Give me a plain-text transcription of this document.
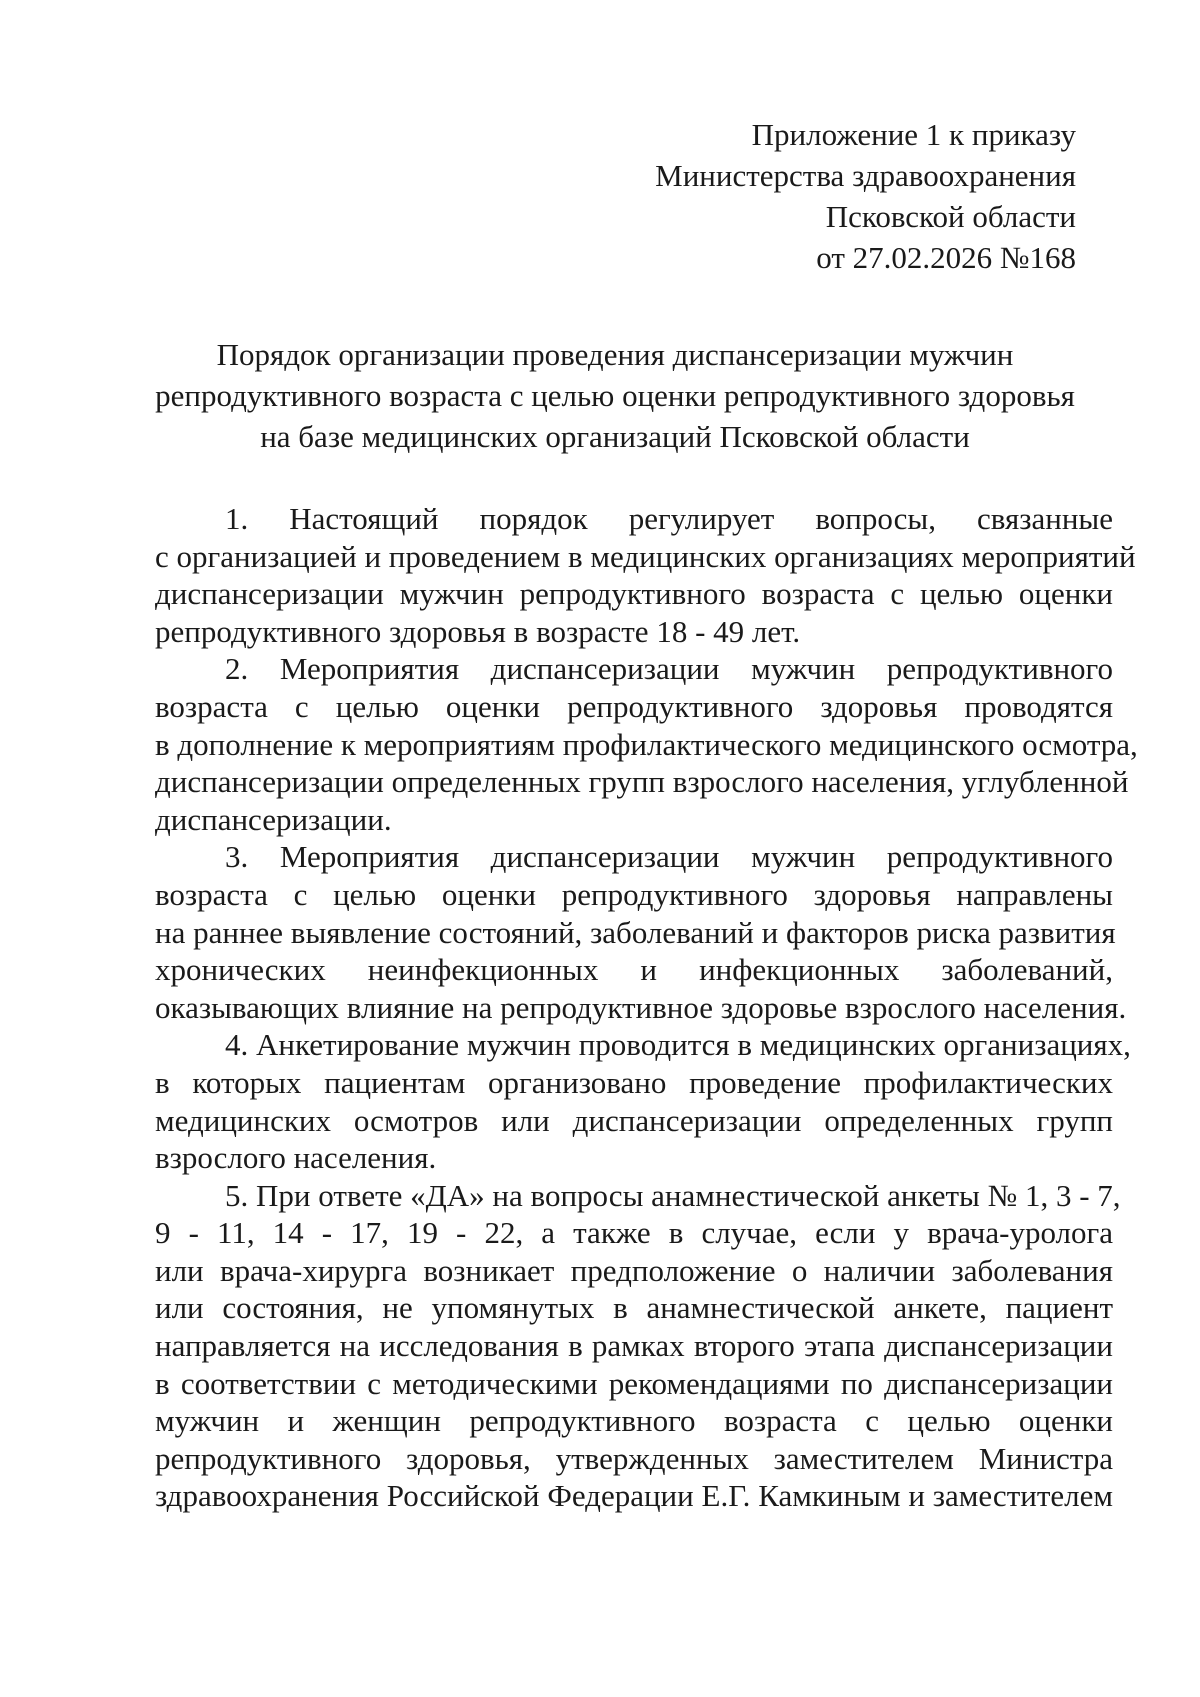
Приложение 1 к приказу
Министерства здравоохранения
Псковской области
от 27.02.2026 №168
Порядок организации проведения диспансеризации мужчин
репродуктивного возраста с целью оценки репродуктивного здоровья
на базе медицинских организаций Псковской области
1. Настоящий порядок регулирует вопросы, связанные
с организацией и проведением в медицинских организациях мероприятий
диспансеризации мужчин репродуктивного возраста с целью оценки
репродуктивного здоровья в возрасте 18 - 49 лет.
2. Мероприятия диспансеризации мужчин репродуктивного
возраста с целью оценки репродуктивного здоровья проводятся
в дополнение к мероприятиям профилактического медицинского осмотра,
диспансеризации определенных групп взрослого населения, углубленной
диспансеризации.
3. Мероприятия диспансеризации мужчин репродуктивного
возраста с целью оценки репродуктивного здоровья направлены
на раннее выявление состояний, заболеваний и факторов риска развития
хронических неинфекционных и инфекционных заболеваний,
оказывающих влияние на репродуктивное здоровье взрослого населения.
4. Анкетирование мужчин проводится в медицинских организациях,
в которых пациентам организовано проведение профилактических
медицинских осмотров или диспансеризации определенных групп
взрослого населения.
5. При ответе «ДА» на вопросы анамнестической анкеты № 1, 3 - 7,
9 - 11, 14 - 17, 19 - 22, а также в случае, если у врача-уролога
или врача-хирурга возникает предположение о наличии заболевания
или состояния, не упомянутых в анамнестической анкете, пациент
направляется на исследования в рамках второго этапа диспансеризации
в соответствии с методическими рекомендациями по диспансеризации
мужчин и женщин репродуктивного возраста с целью оценки
репродуктивного здоровья, утвержденных заместителем Министра
здравоохранения Российской Федерации Е.Г. Камкиным и заместителем
